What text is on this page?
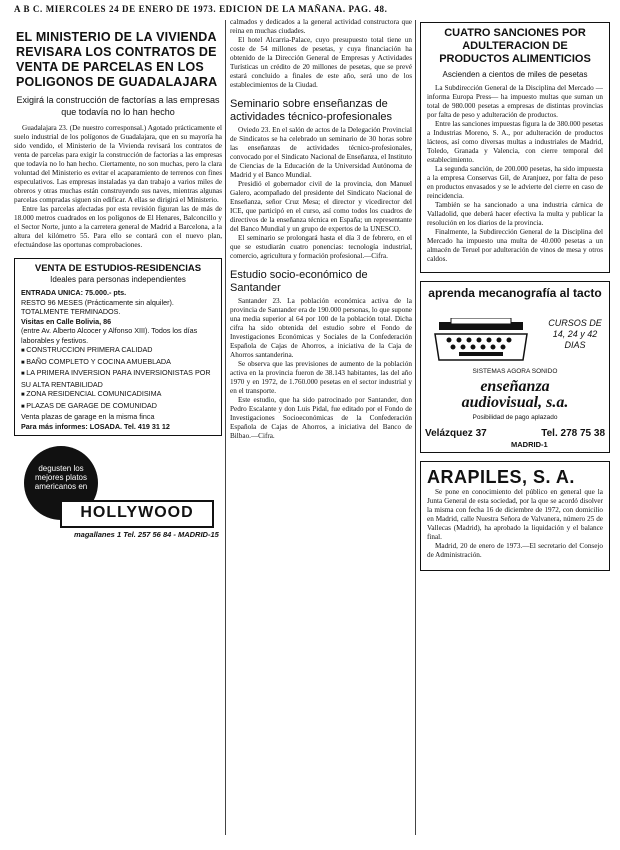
A B C. MIERCOLES 24 DE ENERO DE 1973. EDICION DE LA MAÑANA. PAG. 48.
EL MINISTERIO DE LA VIVIENDA
REVISARA LOS CONTRATOS DE
VENTA DE PARCELAS EN LOS
POLIGONOS DE GUADALAJARA
Exigirá la construcción de factorías a las empresas que todavía no lo han hecho

Guadalajara 23. (De nuestro corresponsal.) Agotado prácticamente el suelo industrial de los polígonos de Guadalajara, que en su mayoría ha sido vendido, el Ministerio de la Vivienda revisará los contratos de venta de parcelas para exigir la construcción de factorías a las empresas que todavía no lo han hecho. Ciertamente, no son muchas, pero la clara voluntad del Ministerio es evitar el acaparamiento de terrenos con fines especulativos. Las empresas instaladas ya dan trabajo a varios miles de obreros y otras muchas están construyendo sus naves, mientras algunas parcelas compradas siguen sin edificar. A ellas se dirigirá el Ministerio.

Entre las parcelas afectadas por esta revisión figuran las de más de 18.000 metros cuadrados en los polígonos de El Henares, Balconcillo y el Sector Norte, junto a la carretera general de Madrid a Barcelona, a la altura del kilómetro 55. Para ello se contará con el nuevo plan, efectuándose las oportunas comprobaciones.

VENTA DE ESTUDIOS-RESIDENCIAS
Ideales para personas independientes
ENTRADA UNICA: 75.000.- pts.
RESTO 96 MESES (Prácticamente sin alquiler). TOTALMENTE TERMINADOS.
Visitas en Calle Bolivia, 86
(entre Av. Alberto Alcocer y Alfonso XIII). Todos los días laborables y festivos.
■ CONSTRUCCION PRIMERA CALIDAD
■ BAÑO COMPLETO Y COCINA AMUEBLADA
■ LA PRIMERA INVERSION PARA INVERSIONISTAS POR SU ALTA RENTABILIDAD
■ ZONA RESIDENCIAL COMUNICADISIMA
■ PLAZAS DE GARAGE DE COMUNIDAD
Venta plazas de garage en la misma finca
Para más informes: LOSADA. Tel. 419 31 12
degusten los mejores platos americanos en
HOLLYWOOD
magallanes 1 Tel. 257 56 84 - MADRID-15

calmados y dedicados a la general actividad constructora que reina en muchas ciudades.

El hotel Alcarria-Palace, cuyo presupuesto total tiene un coste de 54 millones de pesetas, y cuya financiación ha obtenido de la Dirección General de Empresas y Actividades Turísticas un crédito de 20 millones de pesetas, que se prevé estará concluido a finales de este año, será uno de los establecimientos de la Ciudad.

Seminario sobre enseñanzas de actividades técnico-profesionales

Oviedo 23. En el salón de actos de la Delegación Provincial de Sindicatos se ha celebrado un seminario de 30 horas sobre las enseñanzas de actividades técnico-profesionales, convocado por el Sindicato Nacional de Enseñanza, el Instituto de Ciencias de la Educación de la Universidad Autónoma de Madrid y el Banco Mundial.

Presidió el gobernador civil de la provincia, don Manuel Galero, acompañado del presidente del Sindicato Nacional de Enseñanza, señor Cruz Mesa; el director y vicedirector del ICE, que participó en el curso, así como todos los cuadros de directivos de la enseñanza técnica en España; un representante del Banco Mundial y un grupo de expertos de la UNESCO.

El seminario se prolongará hasta el día 3 de febrero, en el que se estudiarán cuatro ponencias: tecnología industrial, comercio, agricultura y formación profesional.—Cifra.

Estudio socio-económico de Santander

Santander 23. La población económica activa de la provincia de Santander era de 190.000 personas, lo que supone una media superior al 64 por 100 de la población total. Dicha cifra ha sido obtenida del estudio sobre el Fondo de Investigaciones Económicas y Sociales de la Confederación Española de Cajas de Ahorros, a iniciativa de la Caja de Ahorros santanderina.

Se observa que las previsiones de aumento de la población activa en la provincia fueron de 38.143 habitantes, las del año 1970 y en 1972, de 1.760.000 pesetas en el sector industrial y en el transporte.

Este estudio, que ha sido patrocinado por Santander, don Pedro Escalante y don Luis Pidal, fue editado por el Fondo de Investigaciones Socioeconómicas de la Confederación Española de Cajas de Ahorros, a iniciativa del Banco de Bilbao.—Cifra.

CUATRO SANCIONES POR ADULTERACION DE PRODUCTOS ALIMENTICIOS
Ascienden a cientos de miles de pesetas

La Subdirección General de la Disciplina del Mercado —informa Europa Press— ha impuesto multas que suman un total de 980.000 pesetas a empresas de distintas provincias por falta de peso y adulteración de productos.

Entre las sanciones impuestas figura la de 380.000 pesetas a Industrias Moreno, S. A., por adulteración de productos lácteos, así como diversas multas a industriales de Madrid, Toledo, Granada y Valencia, con cierre temporal del establecimiento.

La segunda sanción, de 200.000 pesetas, ha sido impuesta a la empresa Conservas Gil, de Aranjuez, por falta de peso en productos envasados y se le advierte del cierre en caso de reincidencia.

También se ha sancionado a una industria cárnica de Valladolid, que deberá hacer efectiva la multa y publicar la resolución en los diarios de la provincia.

Finalmente, la Subdirección General de la Disciplina del Mercado ha impuesto una multa de 40.000 pesetas a un almacén de Teruel por adulteración de vinos de mesa y otros caldos.

aprenda mecanografía al tacto
CURSOS DE 14, 24 y 42 DIAS
SISTEMAS AGORA SONIDO
enseñanza
audiovisual, s.a.
Posibilidad de pago aplazado
Velázquez 37	Tel. 278 75 38
MADRID-1
ARAPILES, S. A.

Se pone en conocimiento del público en general que la Junta General de esta sociedad, por la que se acordó disolver la misma con fecha 16 de diciembre de 1972, con domicilio en Madrid, calle Nuestra Señora de Valvanera, número 25 de Vallecas (Madrid), ha aprobado la liquidación y el balance final.

Madrid, 20 de enero de 1973.—El secretario del Consejo de Administración.
